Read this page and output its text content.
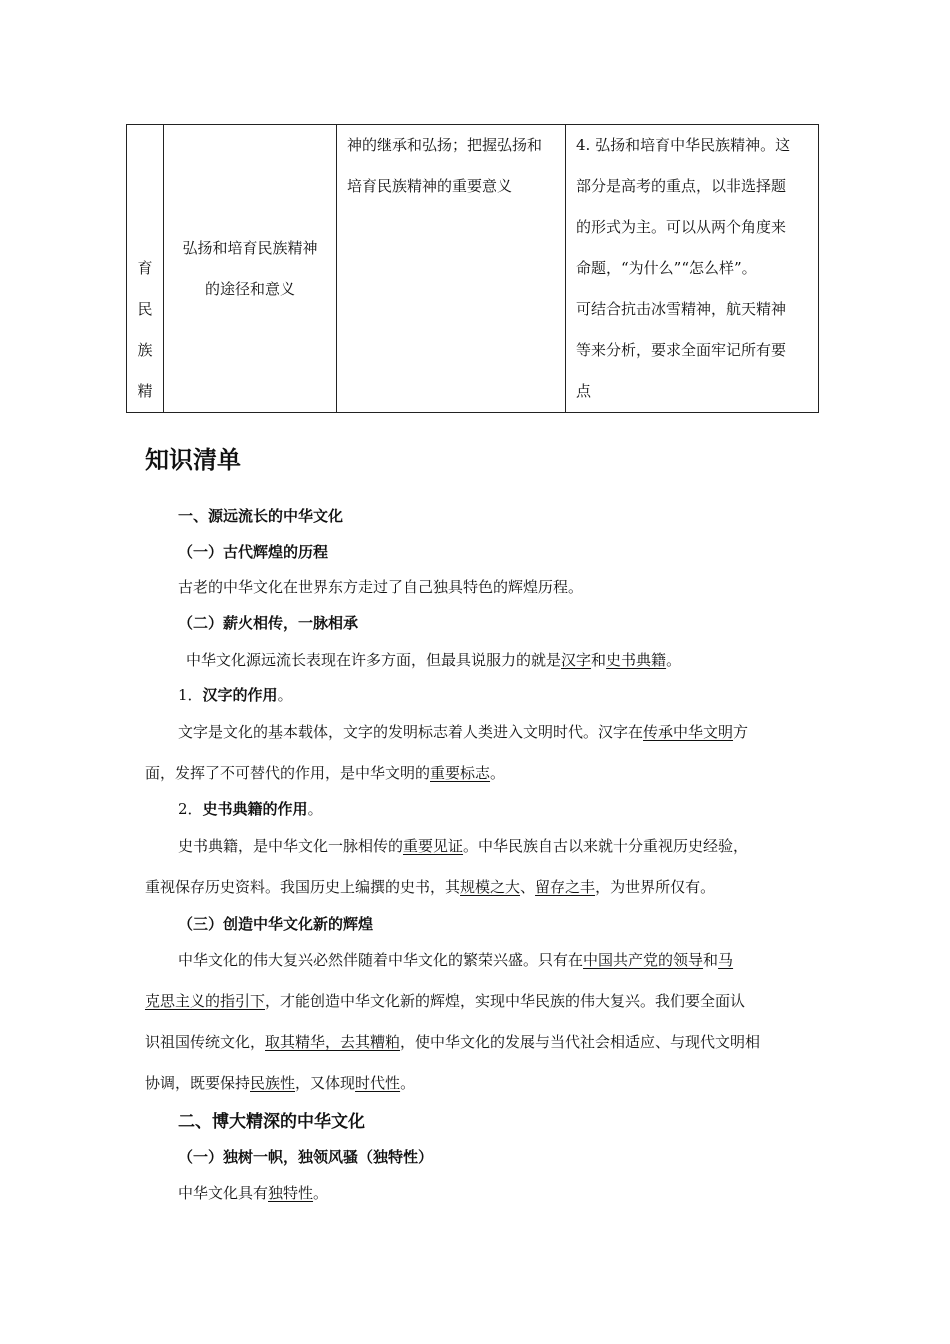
育
民
族
精

弘扬和培育民族精神
的途径和意义

神的继承和弘扬；把握弘扬和
培育民族精神的重要意义

4. 弘扬和培育中华民族精神。这
部分是高考的重点，以非选择题
的形式为主。可以从两个角度来
命题，“为什么”“怎么样”。
可结合抗击冰雪精神，航天精神
等来分析，要求全面牢记所有要
点
知识清单
一、源远流长的中华文化
（一）古代辉煌的历程
古老的中华文化在世界东方走过了自己独具特色的辉煌历程。
（二）薪火相传，一脉相承
中华文化源远流长表现在许多方面，但最具说服力的就是汉字和史书典籍。
1．汉字的作用。
文字是文化的基本载体，文字的发明标志着人类进入文明时代。汉字在传承中华文明方
面，发挥了不可替代的作用，是中华文明的重要标志。
2．史书典籍的作用。
史书典籍，是中华文化一脉相传的重要见证。中华民族自古以来就十分重视历史经验，
重视保存历史资料。我国历史上编撰的史书，其规模之大、留存之丰，为世界所仅有。
（三）创造中华文化新的辉煌
中华文化的伟大复兴必然伴随着中华文化的繁荣兴盛。只有在中国共产党的领导和马
克思主义的指引下，才能创造中华文化新的辉煌，实现中华民族的伟大复兴。我们要全面认
识祖国传统文化，取其精华，去其糟粕，使中华文化的发展与当代社会相适应、与现代文明相
协调，既要保持民族性，又体现时代性。
二、博大精深的中华文化
（一）独树一帜，独领风骚（独特性）
中华文化具有独特性。
